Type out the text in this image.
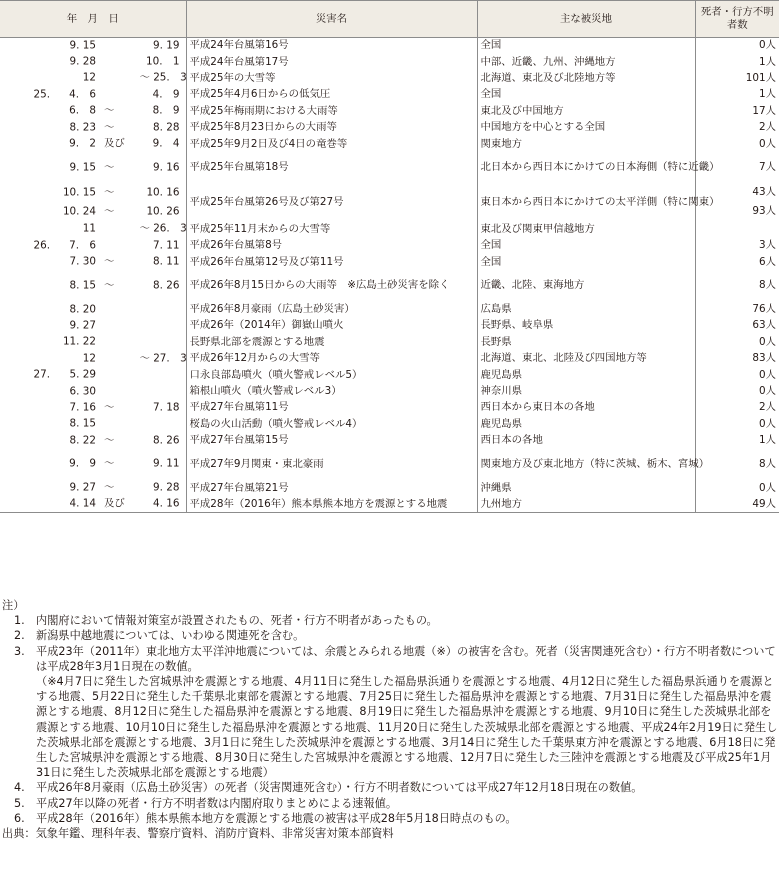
年　月　日	災害名	主な被災地	死者・行方不明者数

9. 15 9. 19	平成24年台風第16号	全国	0人

9. 28 10.　1	平成24年台風第17号	中部、近畿、九州、沖縄地方	1人

12 ～ 25.　3	平成25年の大雪等	北海道、東北及び北陸地方等	101人

25. 4.　6 4.　9	平成25年4月6日からの低気圧	全国	1人

6.　8 ～ 8.　9	平成25年梅雨期における大雨等	東北及び中国地方	17人

8. 23 ～ 8. 28	平成25年8月23日からの大雨等	中国地方を中心とする全国	2人

9.　2 及び 9.　4	平成25年9月2日及び4日の竜巻等	関東地方	0人

9. 15 ～ 9. 16	平成25年台風第18号	北日本から西日本にかけての日本海側（特に近畿）	7人

10. 15 ～ 10. 16	平成25年台風第26号及び第27号	東日本から西日本にかけての太平洋側（特に関東）	43人

10. 24 ～ 10. 26			93人

11 ～ 26.　3	平成25年11月末からの大雪等	東北及び関東甲信越地方	

26. 7.　6 7. 11	平成26年台風第8号	全国	3人

7. 30 ～ 8. 11	平成26年台風第12号及び第11号	全国	6人

8. 15 ～ 8. 26	平成26年8月15日からの大雨等　※広島土砂災害を除く	近畿、北陸、東海地方	8人

8. 20	平成26年8月豪雨（広島土砂災害）	広島県	76人

9. 27	平成26年（2014年）御嶽山噴火	長野県、岐阜県	63人

11. 22	長野県北部を震源とする地震	長野県	0人

12 ～ 27.　3	平成26年12月からの大雪等	北海道、東北、北陸及び四国地方等	83人

27. 5. 29	口永良部島噴火（噴火警戒レベル5）	鹿児島県	0人

6. 30	箱根山噴火（噴火警戒レベル3）	神奈川県	0人

7. 16 ～ 7. 18	平成27年台風第11号	西日本から東日本の各地	2人

8. 15	桜島の火山活動（噴火警戒レベル4）	鹿児島県	0人

8. 22 ～ 8. 26	平成27年台風第15号	西日本の各地	1人

9.　9 ～ 9. 11	平成27年9月関東・東北豪雨	関東地方及び東北地方（特に茨城、栃木、宮城）	8人

9. 27 ～ 9. 28	平成27年台風第21号	沖縄県	0人

4. 14 及び 4. 16	平成28年（2016年）熊本県熊本地方を震源とする地震	九州地方	49人

注）

1. 内閣府において情報対策室が設置されたもの、死者・行方不明者があったもの。
2. 新潟県中越地震については、いわゆる関連死を含む。
3. 平成23年（2011年）東北地方太平洋沖地震については、余震とみられる地震（※）の被害を含む。死者（災害関連死含む）・行方不明者数については平成28年3月1日現在の数値。
（※4月7日に発生した宮城県沖を震源とする地震、4月11日に発生した福島県浜通りを震源とする地震、4月12日に発生した福島県浜通りを震源とする地震、5月22日に発生した千葉県北東部を震源とする地震、7月25日に発生した福島県沖を震源とする地震、7月31日に発生した福島県沖を震源とする地震、8月12日に発生した福島県沖を震源とする地震、8月19日に発生した福島県沖を震源とする地震、9月10日に発生した茨城県北部を震源とする地震、10月10日に発生した福島県沖を震源とする地震、11月20日に発生した茨城県北部を震源とする地震、平成24年2月19日に発生した茨城県北部を震源とする地震、3月1日に発生した茨城県沖を震源とする地震、3月14日に発生した千葉県東方沖を震源とする地震、6月18日に発生した宮城県沖を震源とする地震、8月30日に発生した宮城県沖を震源とする地震、12月7日に発生した三陸沖を震源とする地震及び平成25年1月31日に発生した茨城県北部を震源とする地震）
4. 平成26年8月豪雨（広島土砂災害）の死者（災害関連死含む）・行方不明者数については平成27年12月18日現在の数値。
5. 平成27年以降の死者・行方不明者数は内閣府取りまとめによる速報値。
6. 平成28年（2016年）熊本県熊本地方を震源とする地震の被害は平成28年5月18日時点のもの。

出典：気象年鑑、理科年表、警察庁資料、消防庁資料、非常災害対策本部資料
